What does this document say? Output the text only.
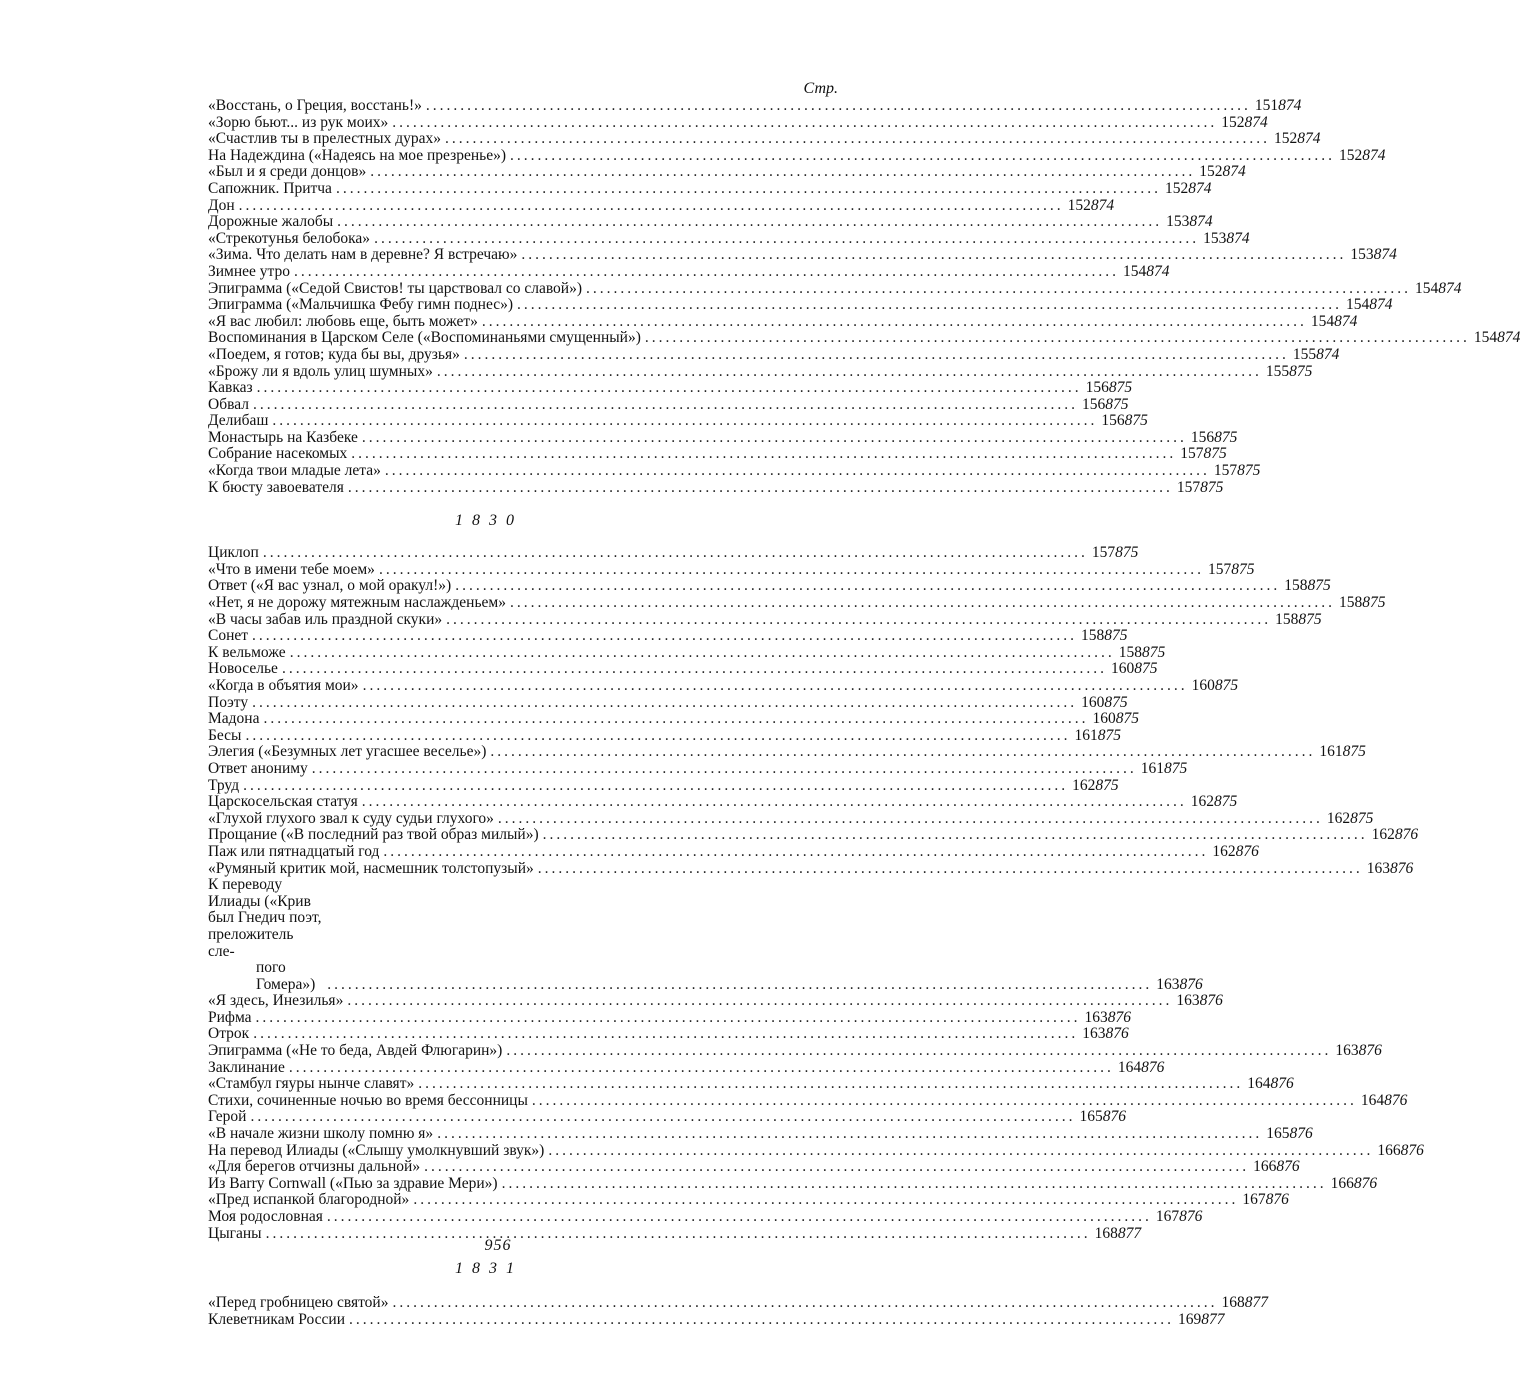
Стр.
«Восстань, о Греция, восстань!» ........................................................................................................................ 151 874
«Зорю бьют... из рук моих» ........................................................................................................................ 152 874
«Счастлив ты в прелестных дурах» ........................................................................................................................ 152 874
На Надеждина («Надеясь на мое презренье») ........................................................................................................................ 152 874
«Был и я среди донцов» ........................................................................................................................ 152 874
Сапожник. Притча ........................................................................................................................ 152 874
Дон ........................................................................................................................ 152 874
Дорожные жалобы ........................................................................................................................ 153 874
«Стрекотунья белобока» ........................................................................................................................ 153 874
«Зима. Что делать нам в деревне? Я встречаю» ........................................................................................................................ 153 874
Зимнее утро ........................................................................................................................ 154 874
Эпиграмма («Седой Свистов! ты царствовал со славой») ........................................................................................................................ 154 874
Эпиграмма («Мальчишка Фебу гимн поднес») ........................................................................................................................ 154 874
«Я вас любил: любовь еще, быть может» ........................................................................................................................ 154 874
Воспоминания в Царском Селе («Воспоминаньями смущенный») ........................................................................................................................ 154 874
«Поедем, я готов; куда бы вы, друзья» ........................................................................................................................ 155 874
«Брожу ли я вдоль улиц шумных» ........................................................................................................................ 155 875
Кавказ ........................................................................................................................ 156 875
Обвал ........................................................................................................................ 156 875
Делибаш ........................................................................................................................ 156 875
Монастырь на Казбеке ........................................................................................................................ 156 875
Собрание насекомых ........................................................................................................................ 157 875
«Когда твои младые лета» ........................................................................................................................ 157 875
К бюсту завоевателя ........................................................................................................................ 157 875
1830
Циклоп ........................................................................................................................ 157 875
«Что в имени тебе моем» ........................................................................................................................ 157 875
Ответ («Я вас узнал, о мой оракул!») ........................................................................................................................ 158 875
«Нет, я не дорожу мятежным наслажденьем» ........................................................................................................................ 158 875
«В часы забав иль праздной скуки» ........................................................................................................................ 158 875
Сонет ........................................................................................................................ 158 875
К вельможе ........................................................................................................................ 158 875
Новоселье ........................................................................................................................ 160 875
«Когда в объятия мои» ........................................................................................................................ 160 875
Поэту ........................................................................................................................ 160 875
Мадона ........................................................................................................................ 160 875
Бесы ........................................................................................................................ 161 875
Элегия («Безумных лет угасшее веселье») ........................................................................................................................ 161 875
Ответ анониму ........................................................................................................................ 161 875
Труд ........................................................................................................................ 162 875
Царскосельская статуя ........................................................................................................................ 162 875
«Глухой глухого звал к суду судьи глухого» ........................................................................................................................ 162 875
Прощание («В последний раз твой образ милый») ........................................................................................................................ 162 876
Паж или пятнадцатый год ........................................................................................................................ 162 876
«Румяный критик мой, насмешник толстопузый» ........................................................................................................................ 163 876
К переводу Илиады («Крив был Гнедич поэт, преложитель сле-
пого Гомера») ........................................................................................................................ 163 876
«Я здесь, Инезилья» ........................................................................................................................ 163 876
Рифма ........................................................................................................................ 163 876
Отрок ........................................................................................................................ 163 876
Эпиграмма («Не то беда, Авдей Флюгарин») ........................................................................................................................ 163 876
Заклинание ........................................................................................................................ 164 876
«Стамбул гяуры нынче славят» ........................................................................................................................ 164 876
Стихи, сочиненные ночью во время бессонницы ........................................................................................................................ 164 876
Герой ........................................................................................................................ 165 876
«В начале жизни школу помню я» ........................................................................................................................ 165 876
На перевод Илиады («Слышу умолкнувший звук») ........................................................................................................................ 166 876
«Для берегов отчизны дальной» ........................................................................................................................ 166 876
Из Barry Cornwall («Пью за здравие Мери») ........................................................................................................................ 166 876
«Пред испанкой благородной» ........................................................................................................................ 167 876
Моя родословная ........................................................................................................................ 167 876
Цыганы ........................................................................................................................ 168 877
1831
«Перед гробницею святой» ........................................................................................................................ 168 877
Клеветникам России ........................................................................................................................ 169 877
956
